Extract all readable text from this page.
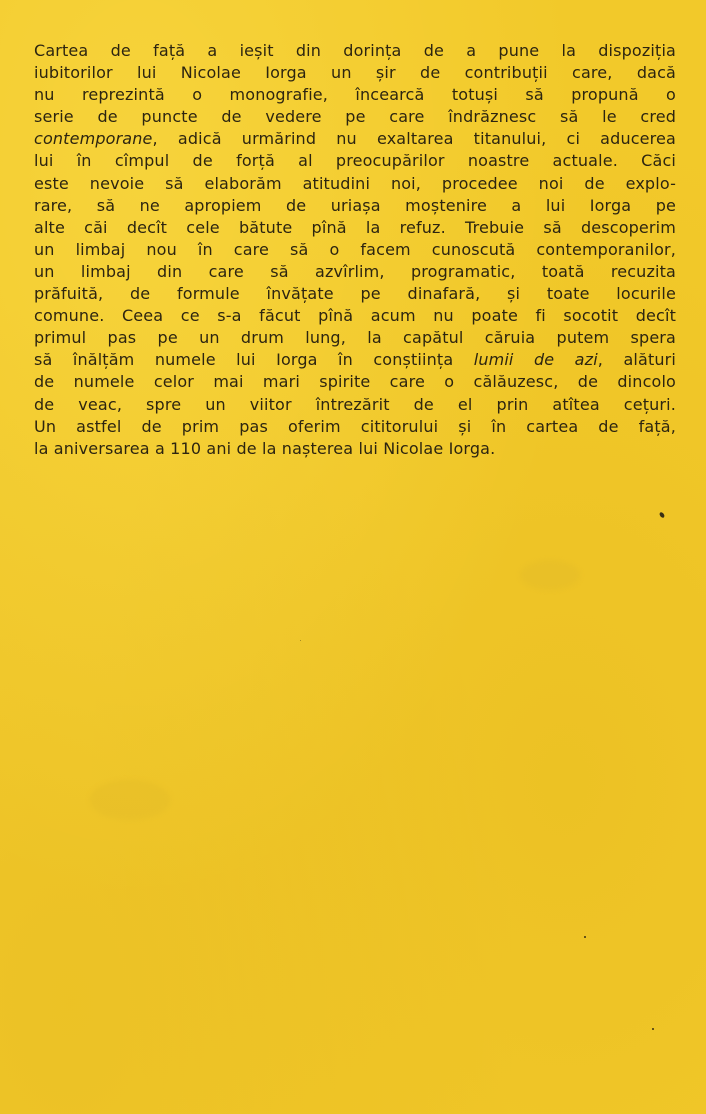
Cartea de față a ieșit din dorința de a pune la dispoziția
iubitorilor lui Nicolae Iorga un șir de contribuții care, dacă
nu reprezintă o monografie, încearcă totuși să propună o
serie de puncte de vedere pe care îndrăznesc să le cred
contemporane, adică urmărind nu exaltarea titanului, ci aducerea
lui în cîmpul de forță al preocupărilor noastre actuale. Căci
este nevoie să elaborăm atitudini noi, procedee noi de explo-
rare, să ne apropiem de uriașa moștenire a lui Iorga pe
alte căi decît cele bătute pînă la refuz. Trebuie să descoperim
un limbaj nou în care să o facem cunoscută contemporanilor,
un limbaj din care să azvîrlim, programatic, toată recuzita
prăfuită, de formule învățate pe dinafară, și toate locurile
comune. Ceea ce s-a făcut pînă acum nu poate fi socotit decît
primul pas pe un drum lung, la capătul căruia putem spera
să înălțăm numele lui Iorga în conștiința lumii de azi, alături
de numele celor mai mari spirite care o călăuzesc, de dincolo
de veac, spre un viitor întrezărit de el prin atîtea cețuri.
Un astfel de prim pas oferim cititorului și în cartea de față,
la aniversarea a 110 ani de la nașterea lui Nicolae Iorga.
